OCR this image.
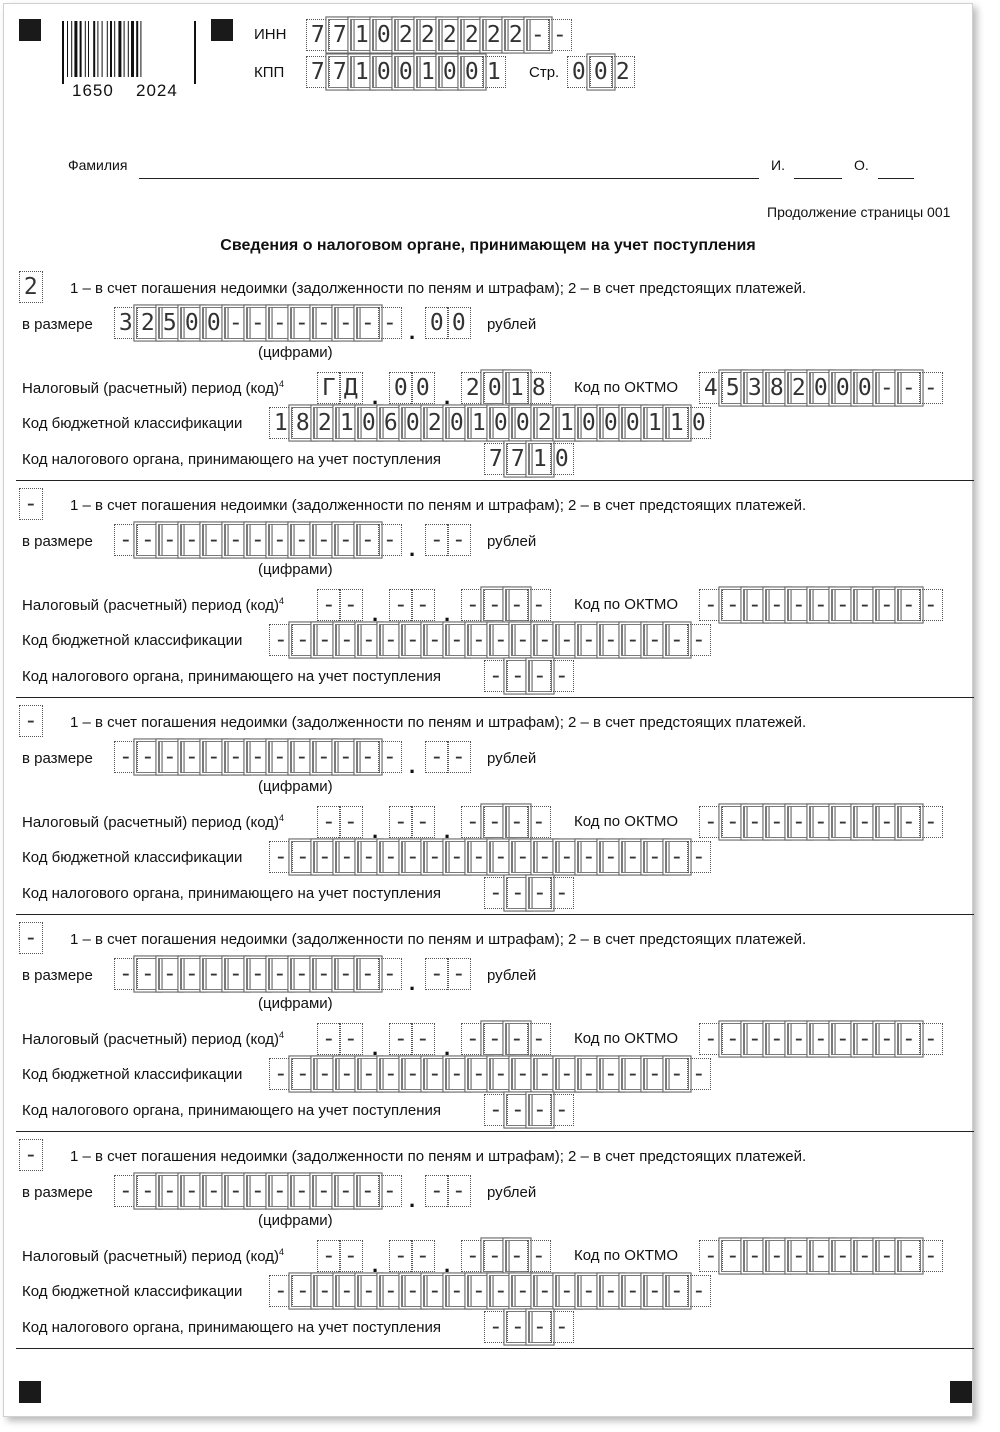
1650 2024
ИНН 7 7 1 0 2 2 2 2 2 2 - -
КПП 7 7 1 0 0 1 0 0 1	Стр. 0 0 2
Фамилия	И.	О.
Продолжение страницы 001
Сведения о налоговом органе, принимающем на учет поступления
2	1 – в счет погашения недоимки (задолженности по пеням и штрафам); 2 – в счет предстоящих платежей.
в размере 3 2 5 0 0 - - - - - - - - . 0 0	рублей
(цифрами)
Налоговый (расчетный) период (код)$^4$ Г Д . 0 0 . 2 0 1 8	Код по ОКТМО 4 5 3 8 2 0 0 0 - - -
Код бюджетной классификации 1 8 2 1 0 6 0 2 0 1 0 0 2 1 0 0 0 1 1 0
Код налогового органа, принимающего на учет поступления 7 7 1 0
-	1 – в счет погашения недоимки (задолженности по пеням и штрафам); 2 – в счет предстоящих платежей.
в размере - - - - - - - - - - - - - . - -	рублей
(цифрами)
Налоговый (расчетный) период (код)$^4$ - - . - - . - - - -	Код по ОКТМО - - - - - - - - - - -
Код бюджетной классификации - - - - - - - - - - - - - - - - - - - -
Код налогового органа, принимающего на учет поступления - - - -
-	1 – в счет погашения недоимки (задолженности по пеням и штрафам); 2 – в счет предстоящих платежей.
в размере - - - - - - - - - - - - - . - -	рублей
(цифрами)
Налоговый (расчетный) период (код)$^4$ - - . - - . - - - -	Код по ОКТМО - - - - - - - - - - -
Код бюджетной классификации - - - - - - - - - - - - - - - - - - - -
Код налогового органа, принимающего на учет поступления - - - -
-	1 – в счет погашения недоимки (задолженности по пеням и штрафам); 2 – в счет предстоящих платежей.
в размере - - - - - - - - - - - - - . - -	рублей
(цифрами)
Налоговый (расчетный) период (код)$^4$ - - . - - . - - - -	Код по ОКТМО - - - - - - - - - - -
Код бюджетной классификации - - - - - - - - - - - - - - - - - - - -
Код налогового органа, принимающего на учет поступления - - - -
-	1 – в счет погашения недоимки (задолженности по пеням и штрафам); 2 – в счет предстоящих платежей.
в размере - - - - - - - - - - - - - . - -	рублей
(цифрами)
Налоговый (расчетный) период (код)$^4$ - - . - - . - - - -	Код по ОКТМО - - - - - - - - - - -
Код бюджетной классификации - - - - - - - - - - - - - - - - - - - -
Код налогового органа, принимающего на учет поступления - - - -
